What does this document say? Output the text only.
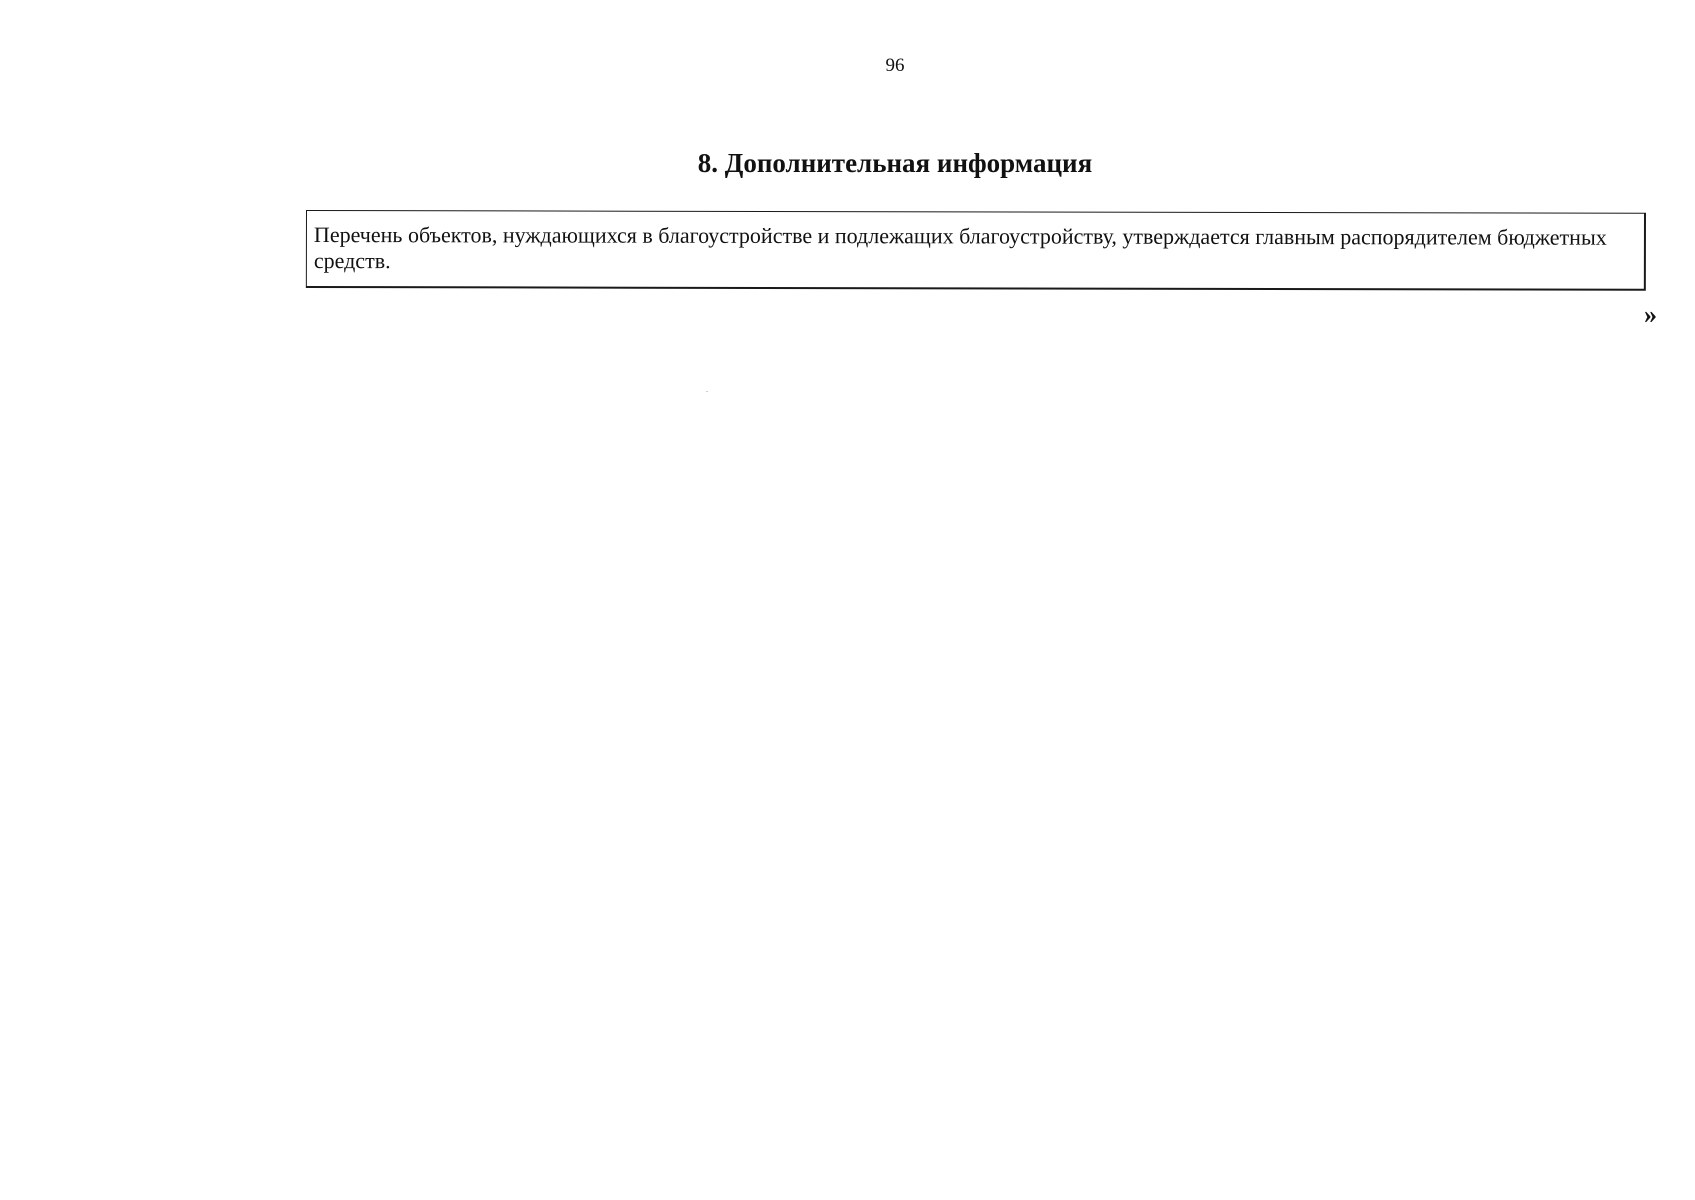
96
8. Дополнительная информация

Перечень объектов, нуждающихся в благоустройстве и подлежащих благоустройству, утверждается главным распорядителем бюджетных средств.

»
